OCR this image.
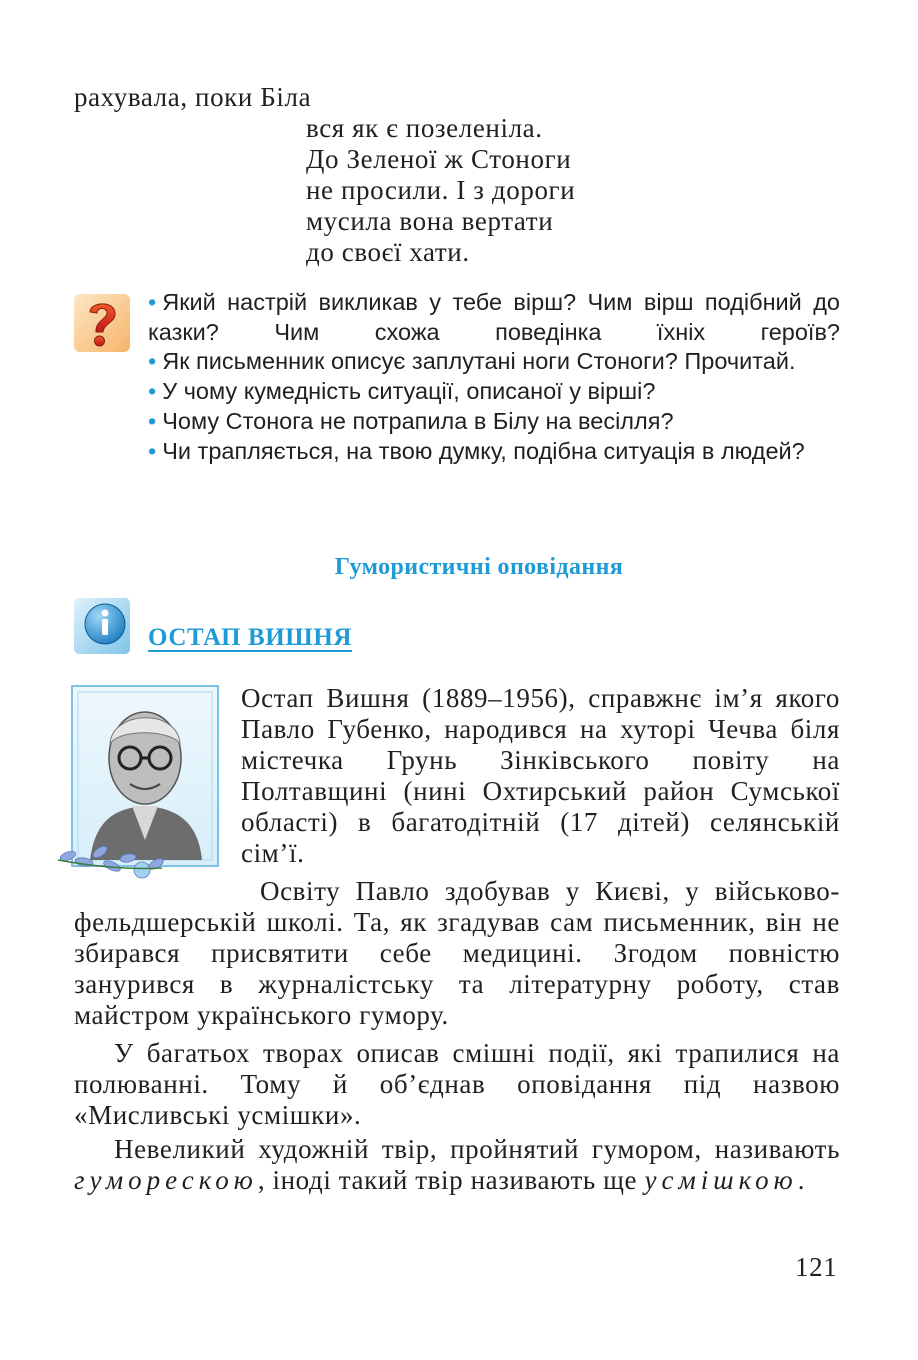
рахувала, поки Біла
вся як є позеленіла.
До Зеленої ж Стоноги
не просили. І з дороги
мусила вона вертати
до своєї хати.
• Який настрій викликав у тебе вірш? Чим вірш подібний до казки? Чим схожа поведінка їхніх героїв?
• Як письменник описує заплутані ноги Стоноги? Прочитай.
• У чому кумедність ситуації, описаної у вірші?
• Чому Стонога не потрапила в Білу на весілля?
• Чи трапляється, на твою думку, подібна ситуація в людей?
Гумористичні оповідання
ОСТАП ВИШНЯ

Остап Вишня (1889–1956), справжнє ім’я якого Павло Губенко, народився на хуторі Чечва біля містечка Грунь Зінківського повіту на Полтавщині (нині Охтирський район Сумської області) в багатодітній (17 дітей) селянській сім’ї.

Освіту Павло здобував у Києві, у військово-фельдшерській школі. Та, як згадував сам письменник, він не збирався присвятити себе медицині. Згодом повністю занурився в журналістську та літературну роботу, став майстром українського гумору.

У багатьох творах описав смішні події, які трапилися на полюванні. Тому й об’єднав оповідання під назвою «Мисливські усмішки».

Невеликий художній твір, пройнятий гумором, називають гуморескою, іноді такий твір називають ще усмішкою.

121
